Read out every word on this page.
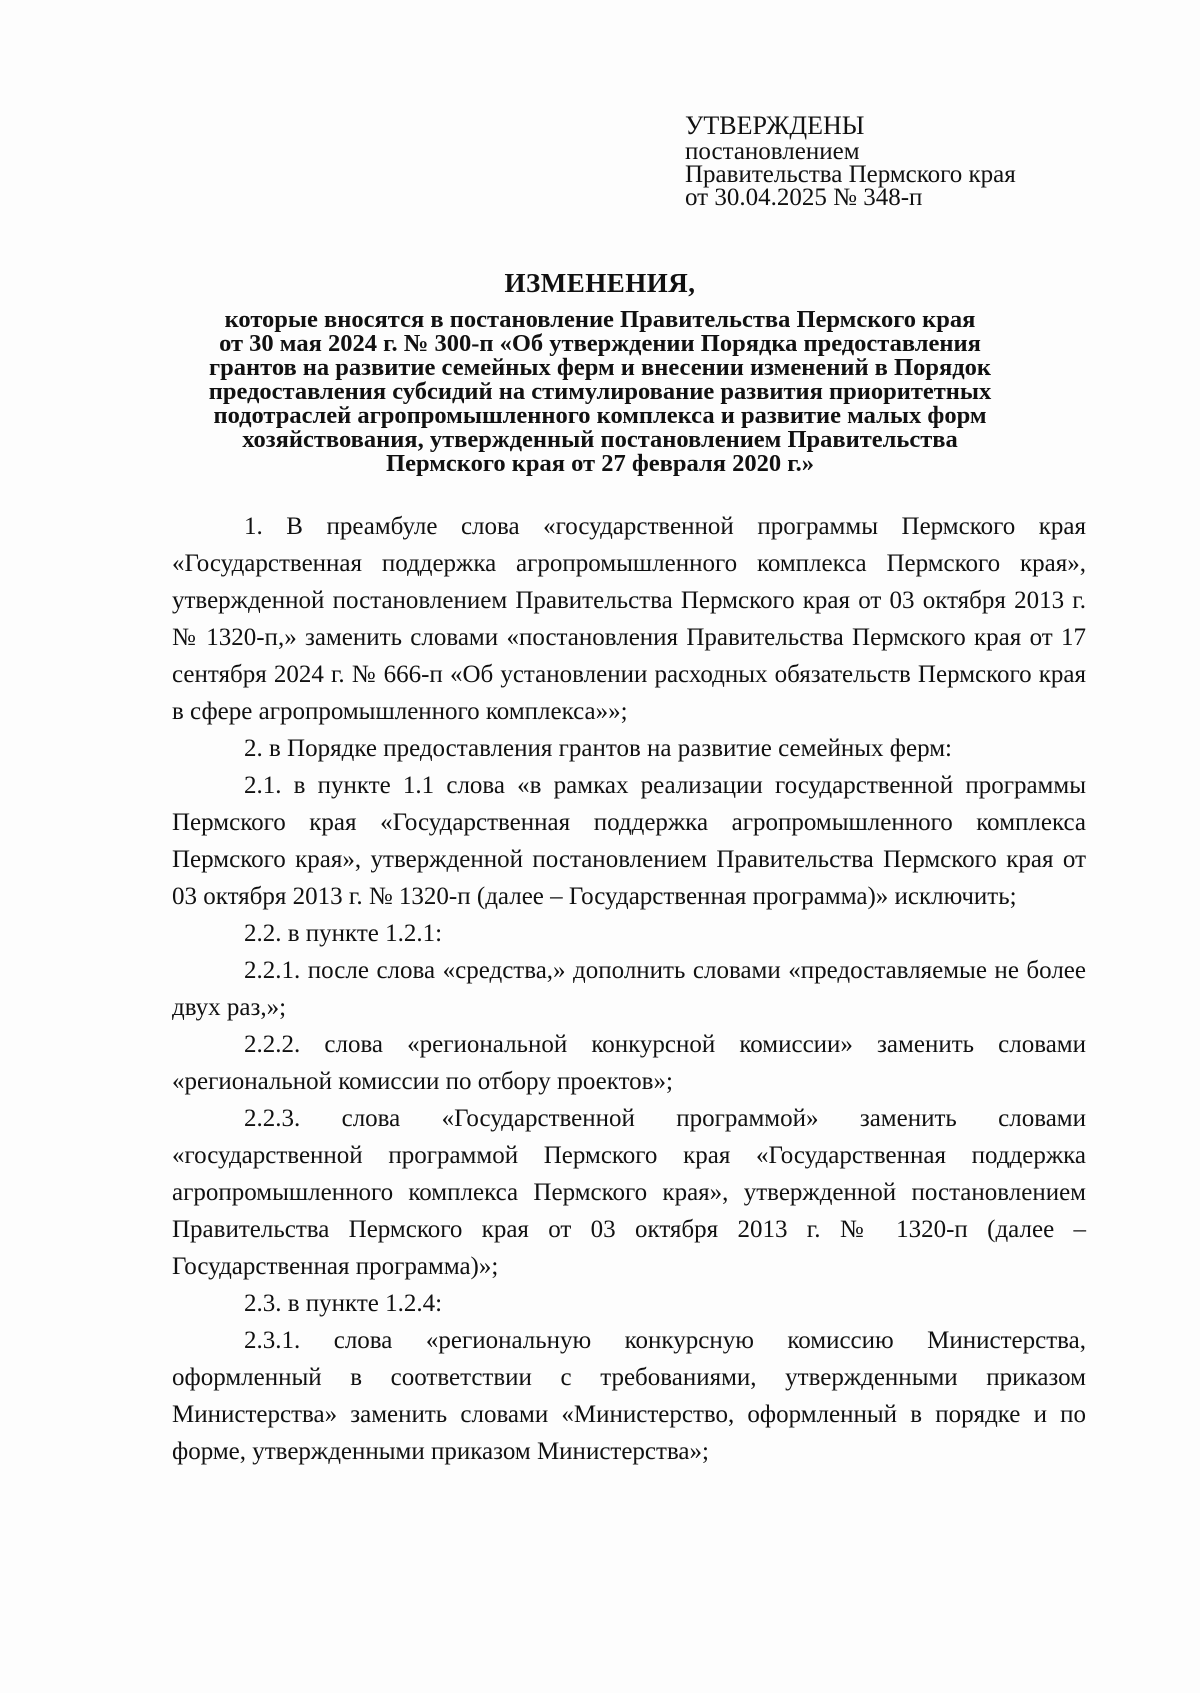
УТВЕРЖДЕНЫ
постановлением
Правительства Пермского края
от 30.04.2025 № 348-п
ИЗМЕНЕНИЯ,
которые вносятся в постановление Правительства Пермского края
от 30 мая 2024 г. № 300-п «Об утверждении Порядка предоставления
грантов на развитие семейных ферм и внесении изменений в Порядок
предоставления субсидий на стимулирование развития приоритетных
подотраслей агропромышленного комплекса и развитие малых форм
хозяйствования, утвержденный постановлением Правительства
Пермского края от 27 февраля 2020 г.»

1. В преамбуле слова «государственной программы Пермского края «Государственная поддержка агропромышленного комплекса Пермского края», утвержденной постановлением Правительства Пермского края от 03 октября 2013 г. № 1320-п,» заменить словами «постановления Правительства Пермского края от 17 сентября 2024 г. № 666-п «Об установлении расходных обязательств Пермского края в сфере агропромышленного комплекса»»;

2. в Порядке предоставления грантов на развитие семейных ферм:

2.1. в пункте 1.1 слова «в рамках реализации государственной программы Пермского края «Государственная поддержка агропромышленного комплекса Пермского края», утвержденной постановлением Правительства Пермского края от 03 октября 2013 г. № 1320-п (далее – Государственная программа)» исключить;

2.2. в пункте 1.2.1:

2.2.1. после слова «средства,» дополнить словами «предоставляемые не более двух раз,»;

2.2.2. слова «региональной конкурсной комиссии» заменить словами «региональной комиссии по отбору проектов»;

2.2.3. слова «Государственной программой» заменить словами «государственной программой Пермского края «Государственная поддержка агропромышленного комплекса Пермского края», утвержденной постановлением Правительства Пермского края от 03 октября 2013 г. № 1320-п (далее – Государственная программа)»;

2.3. в пункте 1.2.4:

2.3.1. слова «региональную конкурсную комиссию Министерства, оформленный в соответствии с требованиями, утвержденными приказом Министерства» заменить словами «Министерство, оформленный в порядке и по форме, утвержденными приказом Министерства»;
